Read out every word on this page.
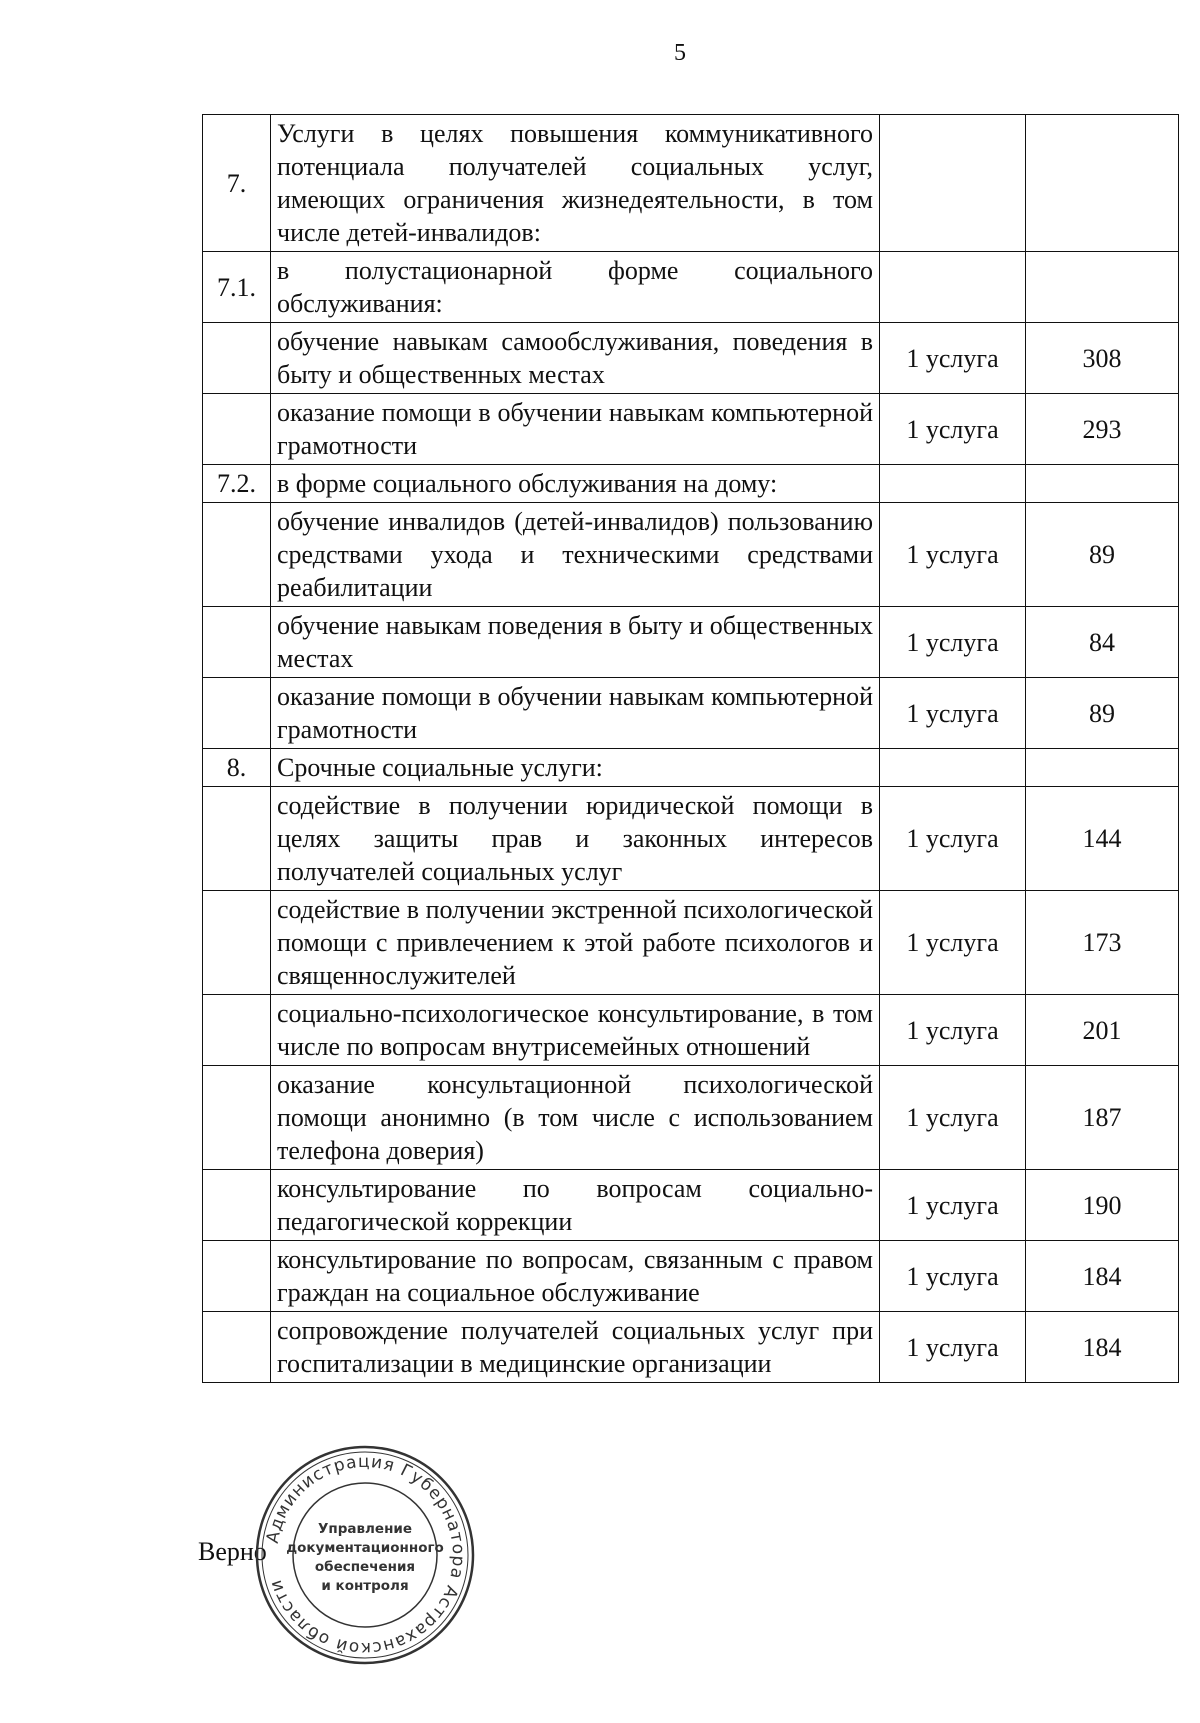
5
7.	Услуги в целях повышения коммуникативного потенциала получателей социальных услуг, имеющих ограничения жизнедеятельности, в том числе детей-инвалидов:		
7.1.	в полустационарной форме социального обслуживания:		
	обучение навыкам самообслуживания, поведения в быту и общественных местах	1 услуга	308
	оказание помощи в обучении навыкам компьютерной грамотности	1 услуга	293
7.2.	в форме социального обслуживания на дому:		
	обучение инвалидов (детей-инвалидов) пользованию средствами ухода и техническими средствами реабилитации	1 услуга	89
	обучение навыкам поведения в быту и общественных местах	1 услуга	84
	оказание помощи в обучении навыкам компьютерной грамотности	1 услуга	89
8.	Срочные социальные услуги:		
	содействие в получении юридической помощи в целях защиты прав и законных интересов получателей социальных услуг	1 услуга	144
	содействие в получении экстренной психологической помощи с привлечением к этой работе психологов и священнослужителей	1 услуга	173
	социально-психологическое консультирование, в том числе по вопросам внутрисемейных отношений	1 услуга	201
	оказание консультационной психологической помощи анонимно (в том числе с использованием телефона доверия)	1 услуга	187
	консультирование по вопросам социально-педагогической коррекции	1 услуга	190
	консультирование по вопросам, связанным с правом граждан на социальное обслуживание	1 услуга	184
	сопровождение получателей социальных услуг при госпитализации в медицинские организации	1 услуга	184
Верно
Администрация Губернатора Астраханской области
Управление
документационного
обеспечения
и контроля
